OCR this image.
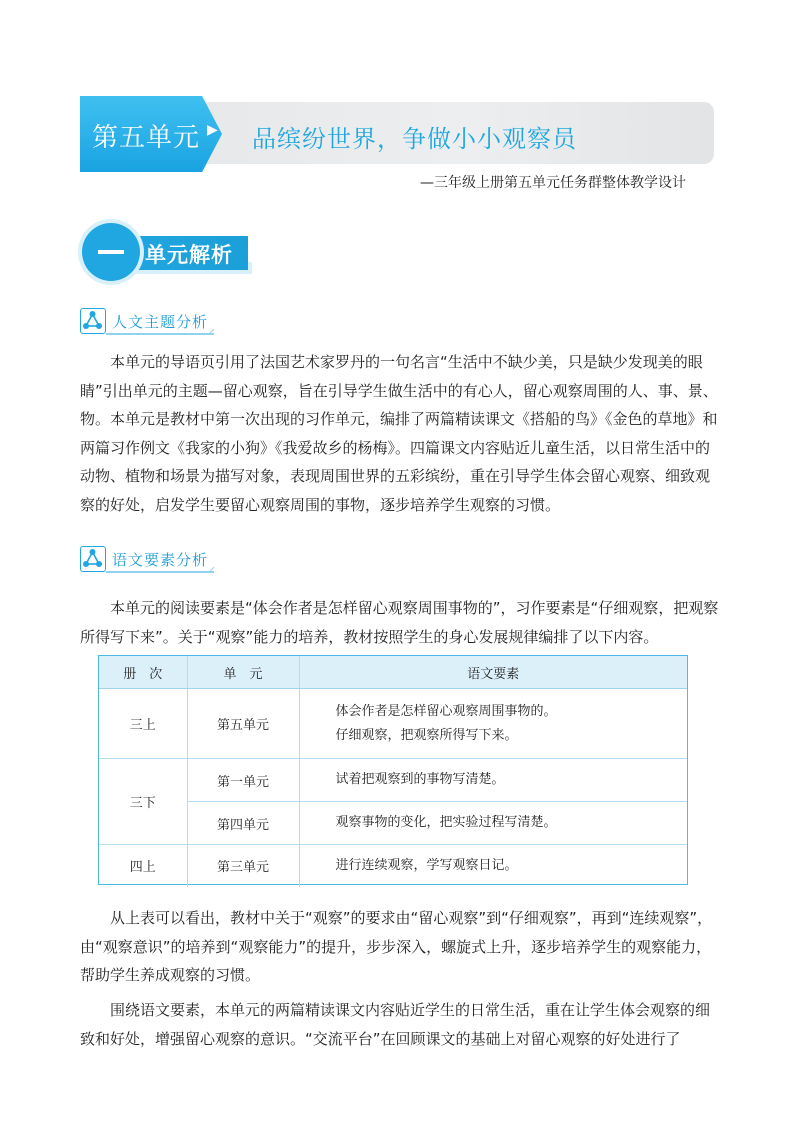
第五单元 ▶ 品缤纷世界，争做小小观察员
—三年级上册第五单元任务群整体教学设计
单元解析
人文主题分析

本单元的导语页引用了法国艺术家罗丹的一句名言“生活中不缺少美，只是缺少发现美的眼睛”引出单元的主题—留心观察，旨在引导学生做生活中的有心人，留心观察周围的人、事、景、物。本单元是教材中第一次出现的习作单元，编排了两篇精读课文《搭船的鸟》《金色的草地》和两篇习作例文《我家的小狗》《我爱故乡的杨梅》。四篇课文内容贴近儿童生活，以日常生活中的动物、植物和场景为描写对象，表现周围世界的五彩缤纷，重在引导学生体会留心观察、细致观察的好处，启发学生要留心观察周围的事物，逐步培养学生观察的习惯。

语文要素分析

本单元的阅读要素是“体会作者是怎样留心观察周围事物的”，习作要素是“仔细观察，把观察所得写下来”。关于“观察”能力的培养，教材按照学生的身心发展规律编排了以下内容。

册　次	单　元	语文要素
三上	第五单元	体会作者是怎样留心观察周围事物的。
仔细观察，把观察所得写下来。

三下	第一单元	试着把观察到的事物写清楚。

	第四单元	观察事物的变化，把实验过程写清楚。

四上	第三单元	进行连续观察，学写观察日记。

从上表可以看出，教材中关于“观察”的要求由“留心观察”到“仔细观察”，再到“连续观察”，由“观察意识”的培养到“观察能力”的提升，步步深入，螺旋式上升，逐步培养学生的观察能力，帮助学生养成观察的习惯。

围绕语文要素，本单元的两篇精读课文内容贴近学生的日常生活，重在让学生体会观察的细致和好处，增强留心观察的意识。“交流平台”在回顾课文的基础上对留心观察的好处进行了
